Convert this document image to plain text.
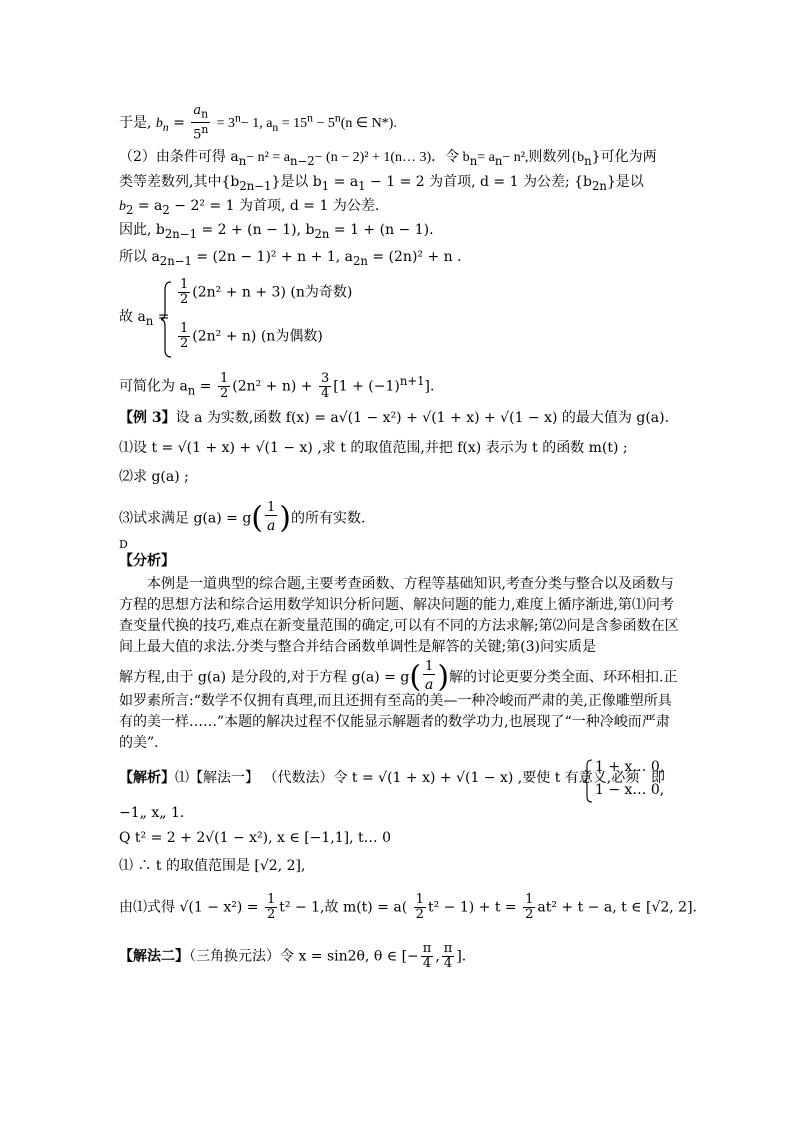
于是, $b_n = \frac{a_n}{5^n} = 3^n- 1$, $a_n = 15^n - 5^n(n$ ∈ N*).
（2）由条件可得 $a_n- n^2 = a_{n-2}- (n - 2)^2$ + 1(n… 3)．令 $b_n= a_n- n^2$,则数列$\{b_n\}$可化为两
类等差数列,其中$\{b_{2n-1}\}$是以 $b_1 = a_1 - 1 = 2$ 为首项, d = 1 为公差; $\{b_{2n}\}$是以
$b_2 = a_2 - 2^2 = 1$ 为首项, d = 1 为公差.
因此, $b_{2n-1} = 2 + (n - 1)$, $b_{2n} = 1 + (n - 1)$.
所以 $a_{2n-1} = (2n - 1)^2 + n + 1$, $a_{2n} = (2n)^2 + n$ .
故 $a_n$ =
$\frac{1}{2} (2n^2 + n + 3)$ (n为奇数)
$\frac{1}{2} (2n^2 + n)$ (n为偶数)
可简化为 $a_n = \frac{1}{2} (2n^2 + n) + \frac{3}{4} [1 + (-1)^{n+1}]$.
【例 3】设 a 为实数,函数 f(x) = a√(1 − x²) + √(1 + x) + √(1 − x) 的最大值为 g(a).
⑴设 t = √(1 + x) + √(1 − x) ,求 t 的取值范围,并把 f(x) 表示为 t 的函数 m(t) ;
⑵求 g(a) ;
⑶试求满足 $g(a) = g( \frac{1}{a})$的所有实数.
D
【分析】
本例是一道典型的综合题,主要考查函数、方程等基础知识,考查分类与整合以及函数与方程的思想方法和综合运用数学知识分析问题、解决问题的能力,难度上循序渐进,第⑴问考查变量代换的技巧,难点在新变量范围的确定,可以有不同的方法求解;第⑵问是含参函数在区间上最大值的求法.分类与整合并结合函数单调性是解答的关键;第(3)问实质是
解方程,由于 g(a) 是分段的,对于方程 $g(a) = g( \frac{1}{a})$解的讨论更要分类全面、环环相扣.正
如罗素所言:“数学不仅拥有真理,而且还拥有至高的美—一种冷峻而严肃的美,正像雕塑所具有的美一样……”本题的解决过程不仅能显示解题者的数学功力,也展现了“一种冷峻而严肃的美”.
【解析】⑴【解法一】 （代数法）令 t = √(1 + x) + √(1 − x) ,要使 t 有意义,必须
1 + x… 0,
1 − x… 0,
即
−1„ x„ 1.
Q t² = 2 + 2√(1 − x²), x ∈ [−1,1], t… 0
⑴ ∴ t 的取值范围是 [√2, 2],
由⑴式得 $√(1 - x^2) = \frac{1}{2} t^2 - 1$,故 $m(t) = a( \frac{1}{2} t^2 - 1) + t = \frac{1}{2} at^2 + t - a$, t ∈ [√2, 2].
【解法二】（三角换元法）令 x = sin2θ, θ ∈ [− $\frac{\pi}{4}$ , $\frac{\pi}{4}$ ].
